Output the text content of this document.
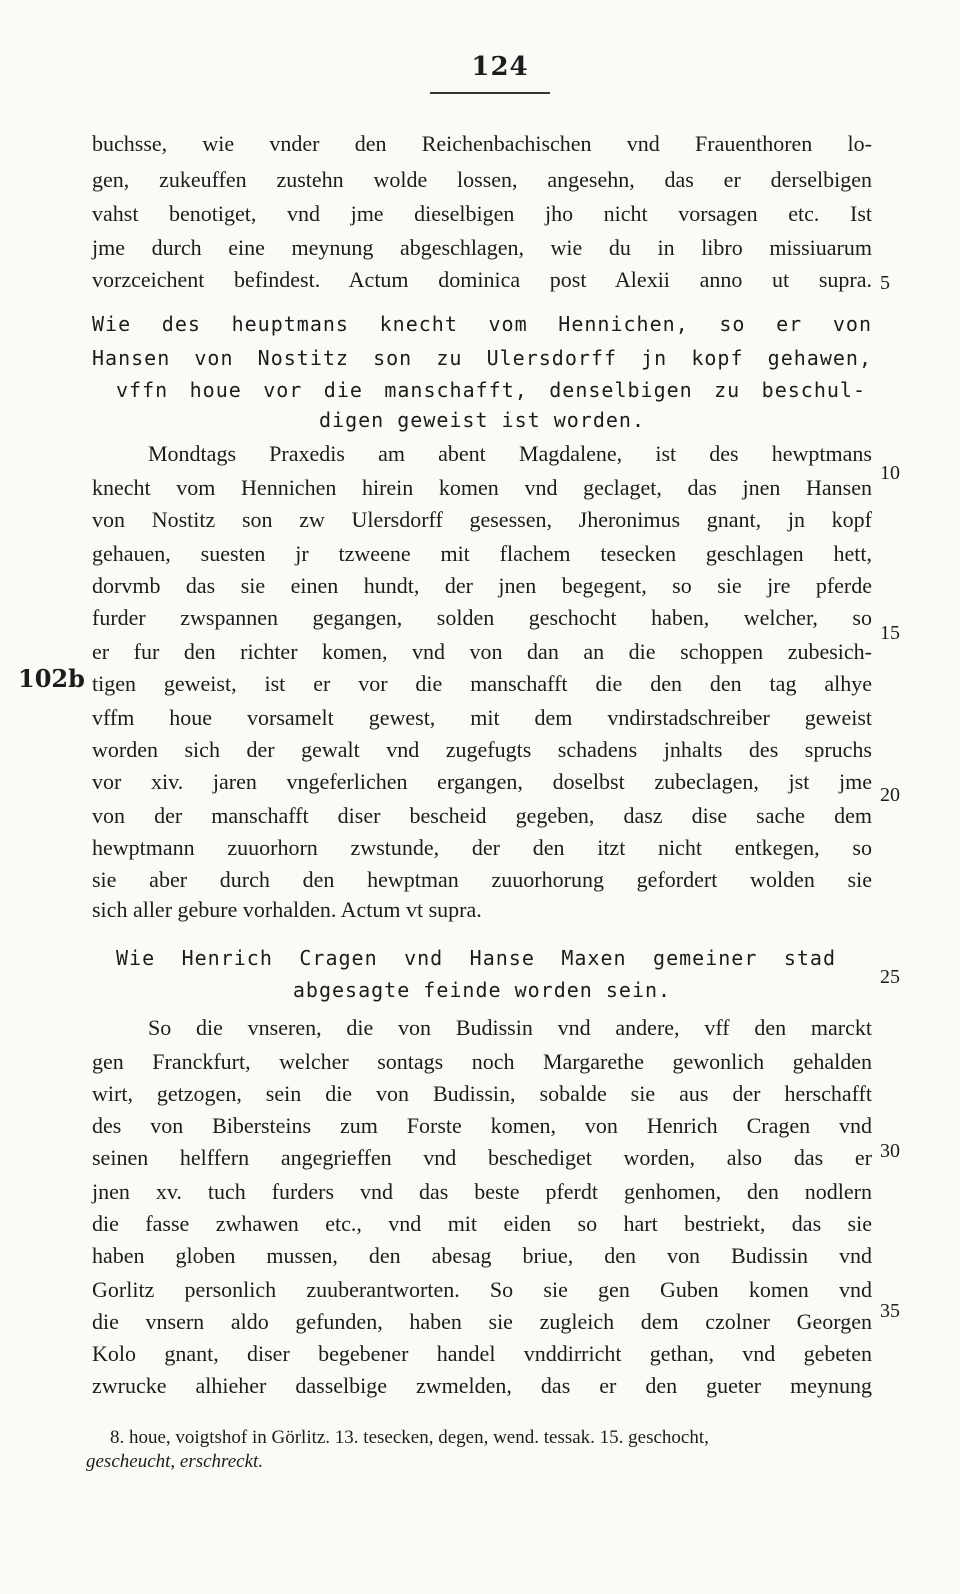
124
102b
buchsse, wie vnder den Reichenbachischen vnd Frauenthoren lo-
gen, zukeuffen zustehn wolde lossen, angesehn, das er derselbigen
vahst benotiget, vnd jme dieselbigen jho nicht vorsagen etc. Ist
jme durch eine meynung abgeschlagen, wie du in libro missiuarum
vorzceichent befindest. Actum dominica post Alexii anno ut supra.
Wie des heuptmans knecht vom Hennichen, so er von
Hansen von Nostitz son zu Ulersdorff jn kopf gehawen,
vffn houe vor die manschafft, denselbigen zu beschul-
digen geweist ist worden.
Mondtags Praxedis am abent Magdalene, ist des hewptmans
knecht vom Hennichen hirein komen vnd geclaget, das jnen Hansen
von Nostitz son zw Ulersdorff gesessen, Jheronimus gnant, jn kopf
gehauen, suesten jr tzweene mit flachem tesecken geschlagen hett,
dorvmb das sie einen hundt, der jnen begegent, so sie jre pferde
furder zwspannen gegangen, solden geschocht haben, welcher, so
er fur den richter komen, vnd von dan an die schoppen zubesich-
tigen geweist, ist er vor die manschafft die den den tag alhye
vffm houe vorsamelt gewest, mit dem vndirstadschreiber geweist
worden sich der gewalt vnd zugefugts schadens jnhalts des spruchs
vor xiv. jaren vngeferlichen ergangen, doselbst zubeclagen, jst jme
von der manschafft diser bescheid gegeben, dasz dise sache dem
hewptmann zuuorhorn zwstunde, der den itzt nicht entkegen, so
sie aber durch den hewptman zuuorhorung gefordert wolden sie
sich aller gebure vorhalden. Actum vt supra.
Wie Henrich Cragen vnd Hanse Maxen gemeiner stad
abgesagte feinde worden sein.
So die vnseren, die von Budissin vnd andere, vff den marckt
gen Franckfurt, welcher sontags noch Margarethe gewonlich gehalden
wirt, getzogen, sein die von Budissin, sobalde sie aus der herschafft
des von Bibersteins zum Forste komen, von Henrich Cragen vnd
seinen helffern angegrieffen vnd beschediget worden, also das er
jnen xv. tuch furders vnd das beste pferdt genhomen, den nodlern
die fasse zwhawen etc., vnd mit eiden so hart bestriekt, das sie
haben globen mussen, den abesag briue, den von Budissin vnd
Gorlitz personlich zuuberantworten. So sie gen Guben komen vnd
die vnsern aldo gefunden, haben sie zugleich dem czolner Georgen
Kolo gnant, diser begebener handel vnddirricht gethan, vnd gebeten
zwrucke alhieher dasselbige zwmelden, das er den gueter meynung
5
10
15
20
25
30
35
8. houe, voigtshof in Görlitz. 13. tesecken, degen, wend. tessak. 15. geschocht,
gescheucht, erschreckt.
